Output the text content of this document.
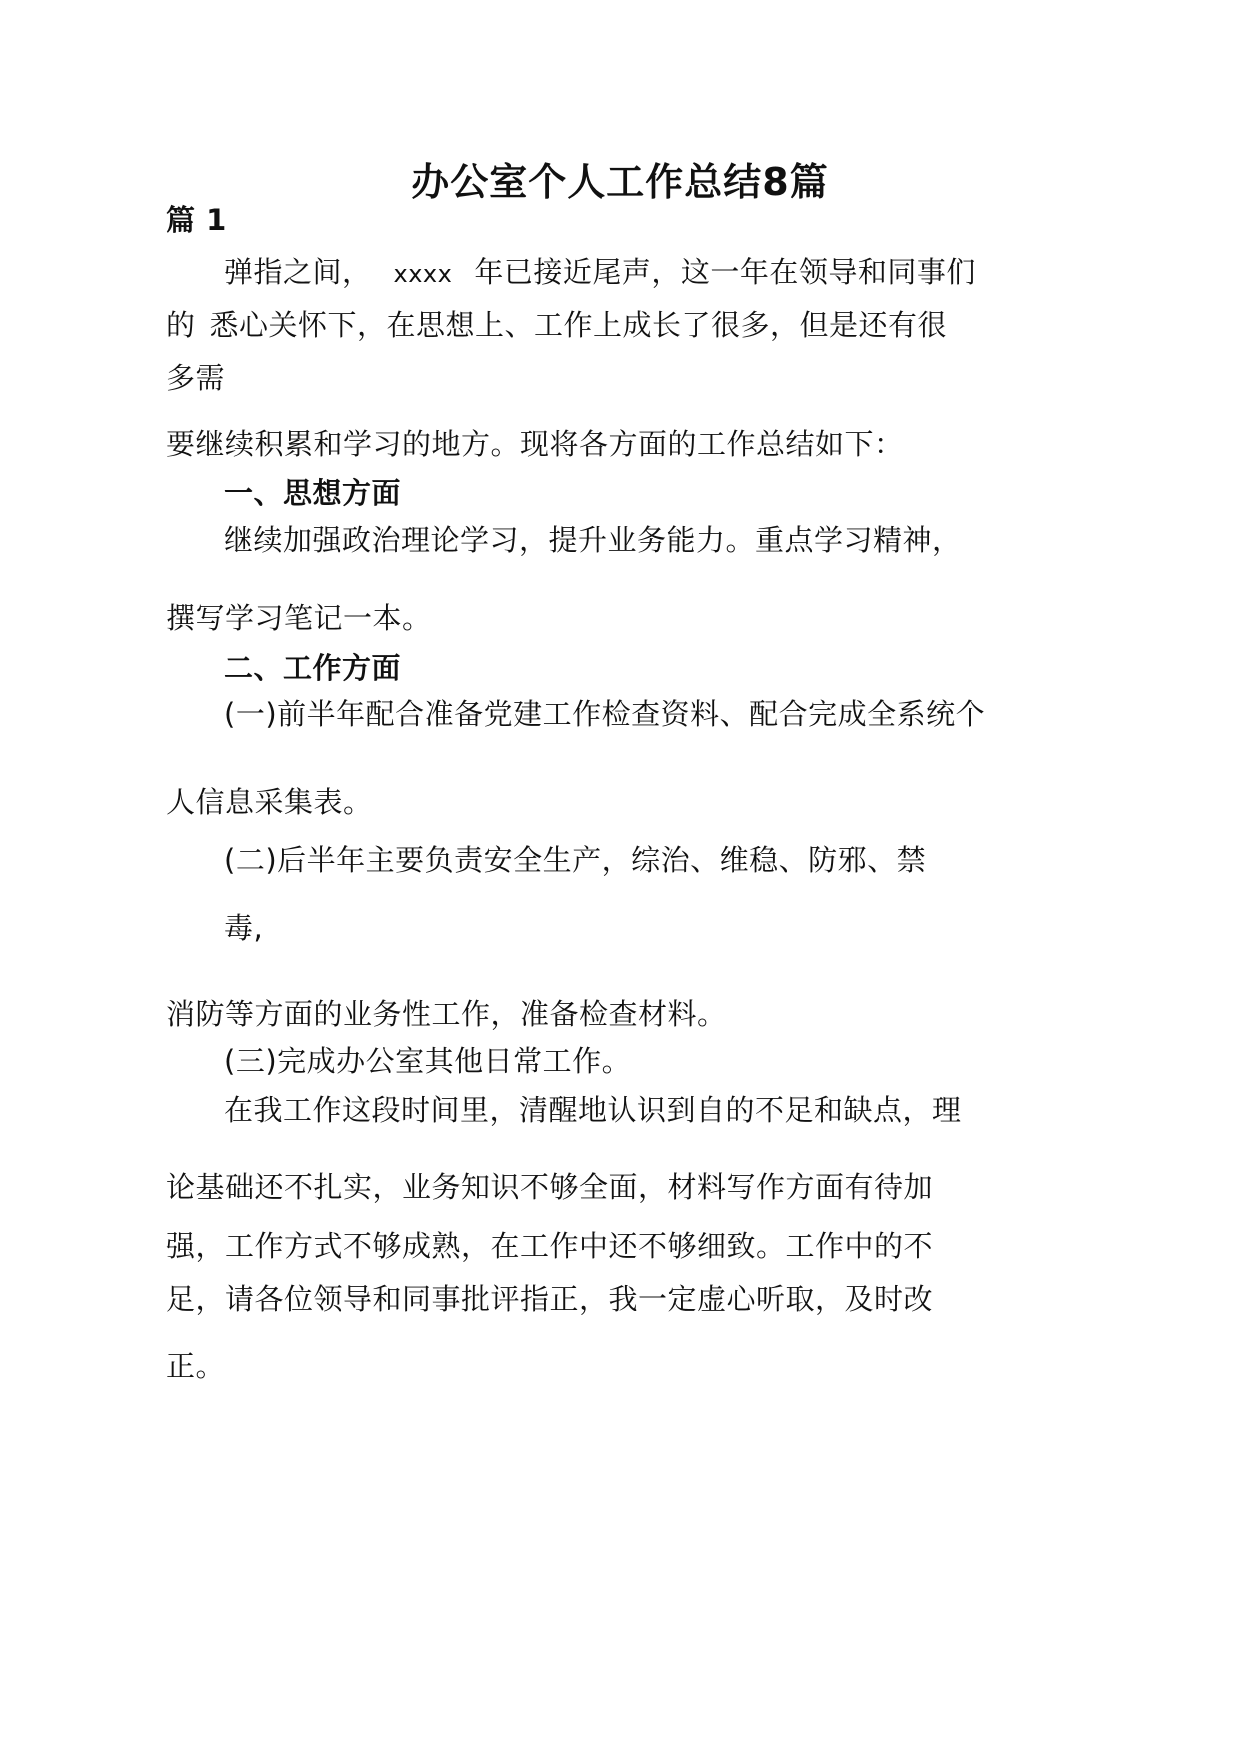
办公室个人工作总结8篇
篇 1
弹指之间， xxxx 年已接近尾声，这一年在领导和同事们
的 悉心关怀下，在思想上、工作上成长了很多，但是还有很
多需
要继续积累和学习的地方。现将各方面的工作总结如下：
一、思想方面
继续加强政治理论学习，提升业务能力。重点学习精神，
撰写学习笔记一本。
二、工作方面
(一)前半年配合准备党建工作检查资料、配合完成全系统个
人信息采集表。
(二)后半年主要负责安全生产，综治、维稳、防邪、禁
毒,
消防等方面的业务性工作，准备检查材料。
(三)完成办公室其他日常工作。
在我工作这段时间里，清醒地认识到自的不足和缺点，理
论基础还不扎实，业务知识不够全面，材料写作方面有待加
强，工作方式不够成熟，在工作中还不够细致。工作中的不
足，请各位领导和同事批评指正，我一定虚心听取，及时改
正。
